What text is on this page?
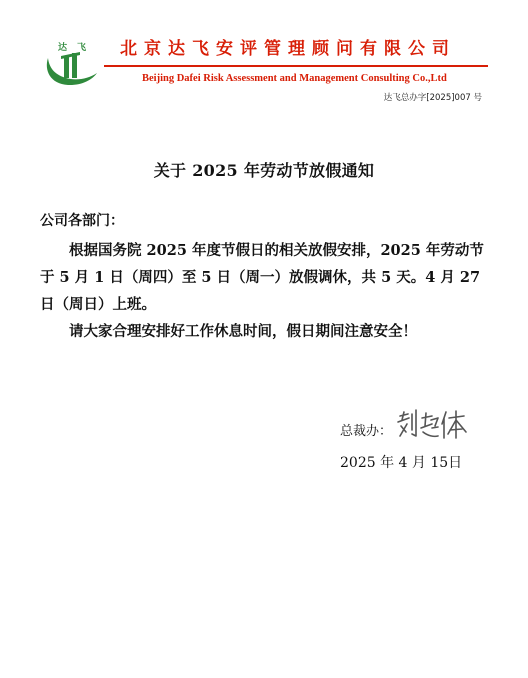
达飞 北京达飞安评管理顾问有限公司
Beijing Dafei Risk Assessment and Management Consulting Co.,Ltd
达飞总办字[2025]007 号
关于 2025 年劳动节放假通知
公司各部门：

根据国务院 2025 年度节假日的相关放假安排，2025 年劳动节于 5 月 1 日（周四）至 5 日（周一）放假调休，共 5 天。4 月 27 日（周日）上班。

请大家合理安排好工作休息时间，假日期间注意安全！

总裁办：
2025 年 4 月 15日
